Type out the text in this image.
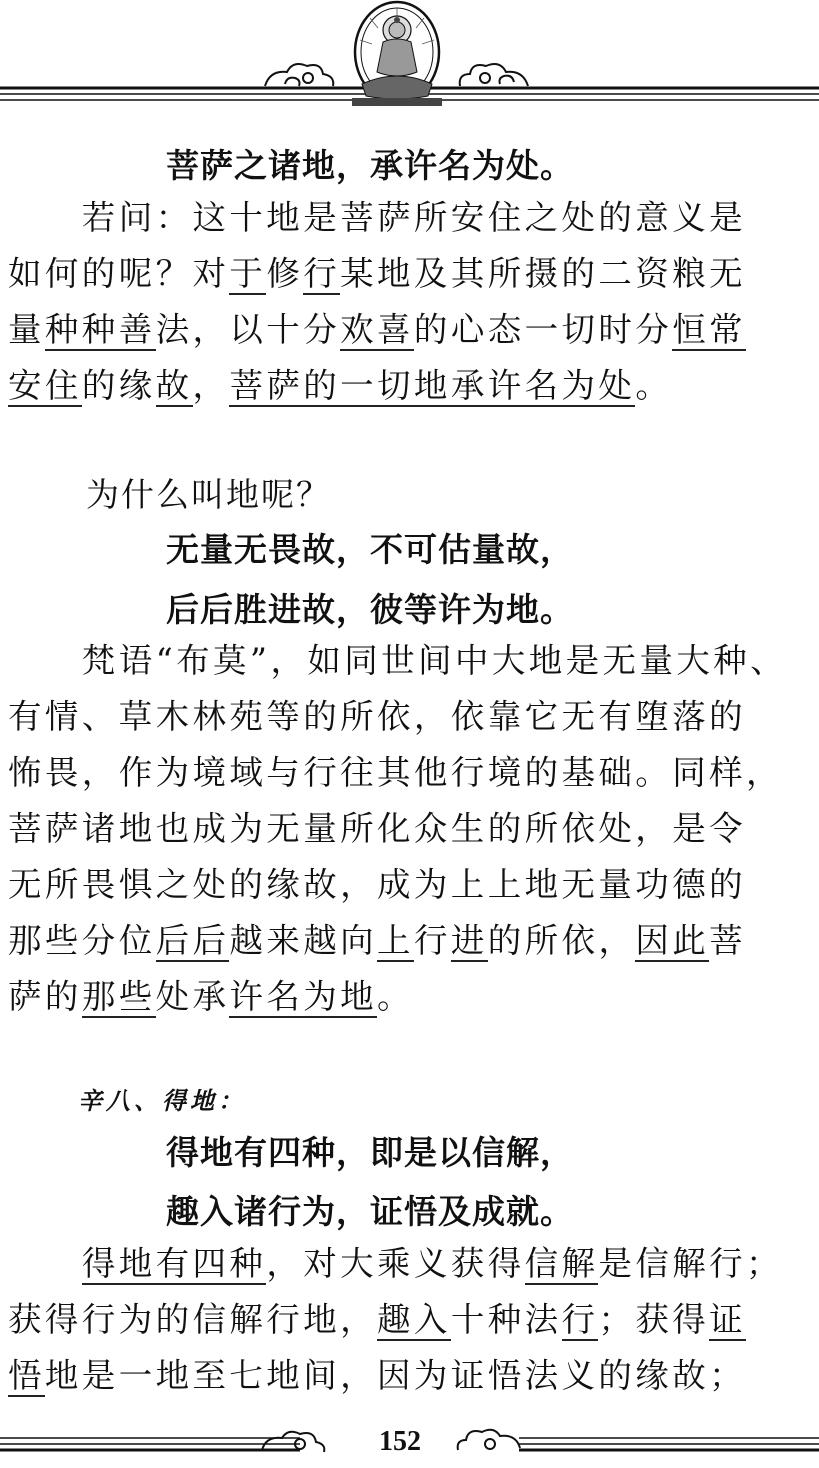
菩萨之诸地，承许名为处。
　　若问：这十地是菩萨所安住之处的意义是
如何的呢？对于修行某地及其所摄的二资粮无
量种种善法，以十分欢喜的心态一切时分恒常
安住的缘故，菩萨的一切地承许名为处。
为什么叫地呢？
无量无畏故，不可估量故，
后后胜进故，彼等许为地。
　　梵语“布莫”，如同世间中大地是无量大种、
有情、草木林苑等的所依，依靠它无有堕落的
怖畏，作为境域与行往其他行境的基础。同样，
菩萨诸地也成为无量所化众生的所依处，是令
无所畏惧之处的缘故，成为上上地无量功德的
那些分位后后越来越向上行进的所依，因此菩
萨的那些处承许名为地。
辛八、得地：
得地有四种，即是以信解，
趣入诸行为，证悟及成就。
　　得地有四种，对大乘义获得信解是信解行；
获得行为的信解行地，趣入十种法行；获得证
悟地是一地至七地间，因为证悟法义的缘故；
152
